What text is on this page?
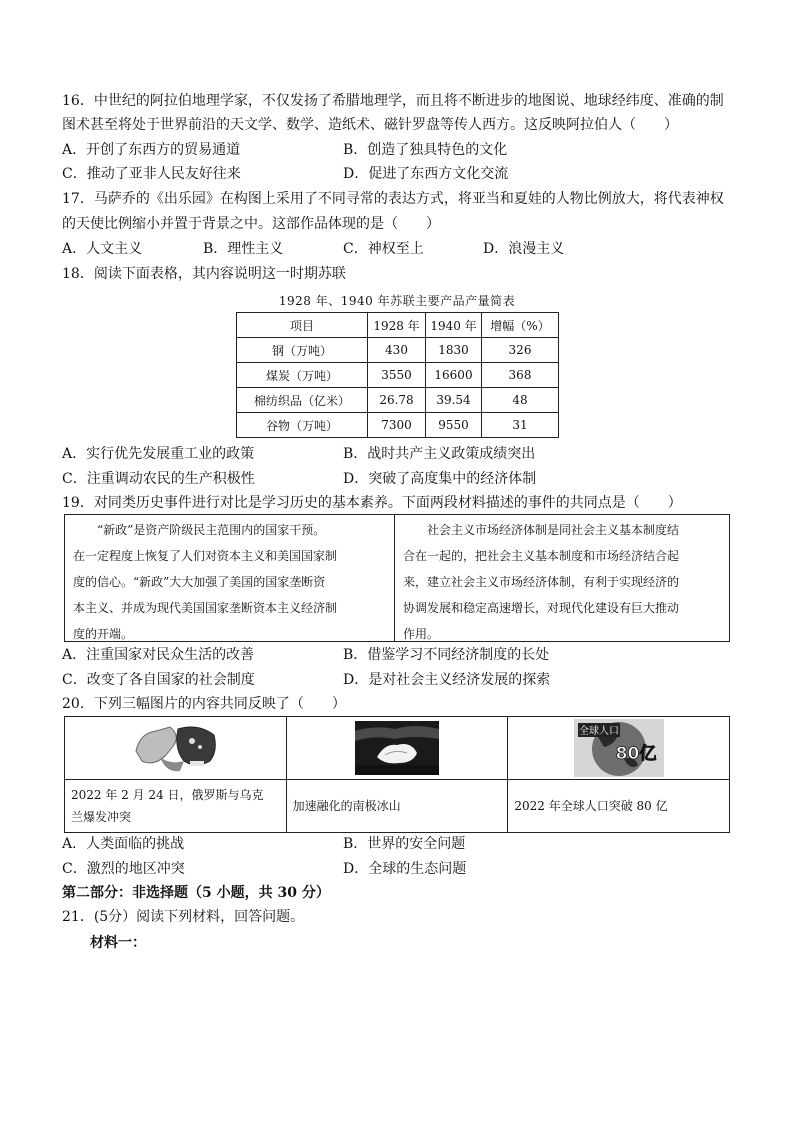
16．中世纪的阿拉伯地理学家，不仅发扬了希腊地理学，而且将不断进步的地图说、地球经纬度、准确的制
图术甚至将处于世界前沿的天文学、数学、造纸术、磁针罗盘等传人西方。这反映阿拉伯人（　　）
A．开创了东西方的贸易通道	B．创造了独具特色的文化
C．推动了亚非人民友好往来	D．促进了东西方文化交流
17．马萨乔的《出乐园》在构图上采用了不同寻常的表达方式，将亚当和夏娃的人物比例放大，将代表神权
的天使比例缩小并置于背景之中。这部作品体现的是（　　）
A．人文主义	B．理性主义	C．神权至上	D．浪漫主义
18．阅读下面表格，其内容说明这一时期苏联
1928 年、1940 年苏联主要产品产量简表
项目	1928 年	1940 年	增幅（%）
钢（万吨）	430	1830	326
煤炭（万吨）	3550	16600	368
棉纺织品（亿米）	26.78	39.54	48
谷物（万吨）	7300	9550	31
A．实行优先发展重工业的政策	B．战时共产主义政策成绩突出
C．注重调动农民的生产积极性	D．突破了高度集中的经济体制
19．对同类历史事件进行对比是学习历史的基本素养。下面两段材料描述的事件的共同点是（　　）
“新政”是资产阶级民主范围内的国家干预。
在一定程度上恢复了人们对资本主义和美国国家制
度的信心。“新政”大大加强了美国的国家垄断资
本主义、并成为现代美国国家垄断资本主义经济制
度的开端。
社会主义市场经济体制是同社会主义基本制度结
合在一起的，把社会主义基本制度和市场经济结合起
来，建立社会主义市场经济体制，有利于实现经济的
协调发展和稳定高速增长，对现代化建设有巨大推动
作用。
A．注重国家对民众生活的改善	B．借鉴学习不同经济制度的长处
C．改变了各自国家的社会制度	D．是对社会主义经济发展的探索
20．下列三幅图片的内容共同反映了（　　）
2022 年 2 月 24 日，俄罗斯与乌克
兰爆发冲突
加速融化的南极冰山
全球人口
80亿
2022 年全球人口突破 80 亿
A．人类面临的挑战	B．世界的安全问题
C．激烈的地区冲突	D．全球的生态问题
第二部分：非选择题（5 小题，共 30 分）
21．(5分）阅读下列材料，回答问题。
材料一：
